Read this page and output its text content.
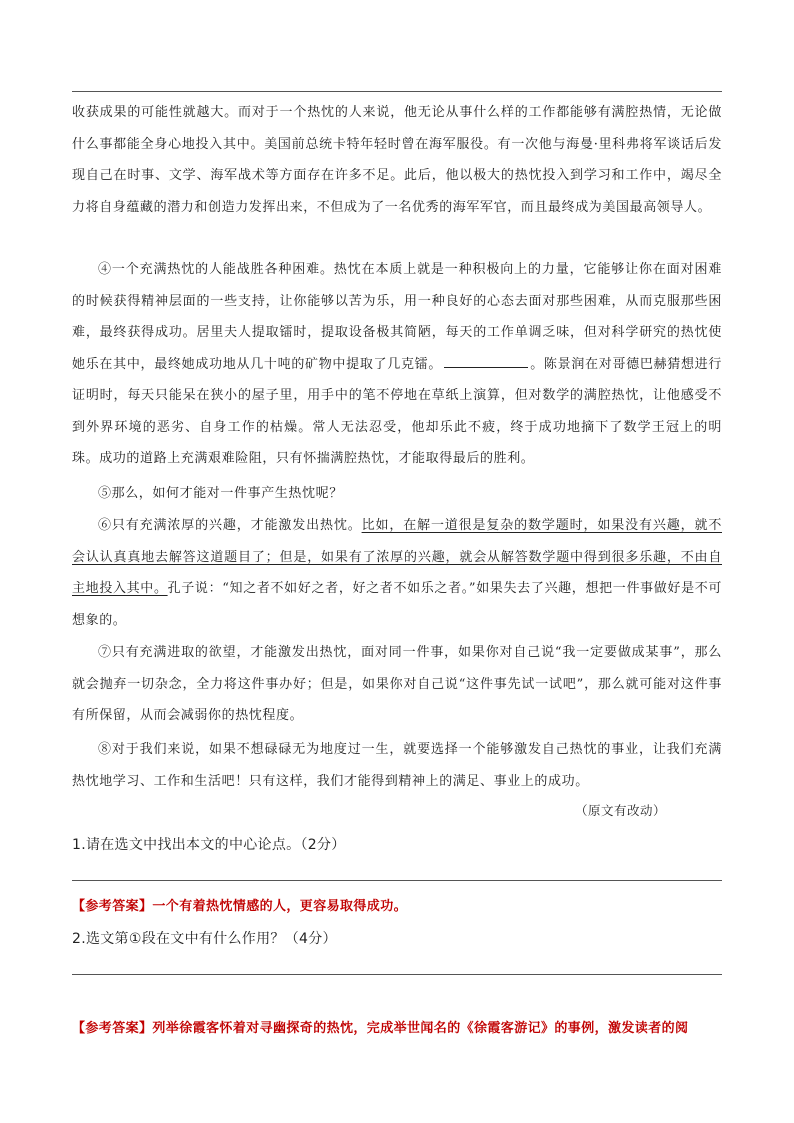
收获成果的可能性就越大。而对于一个热忱的人来说，他无论从事什么样的工作都能够有满腔热情，无论做什么事都能全身心地投入其中。美国前总统卡特年轻时曾在海军服役。有一次他与海曼·里科弗将军谈话后发现自己在时事、文学、海军战术等方面存在许多不足。此后，他以极大的热忱投入到学习和工作中，竭尽全力将自身蕴藏的潜力和创造力发挥出来，不但成为了一名优秀的海军军官，而且最终成为美国最高领导人。

④一个充满热忱的人能战胜各种困难。热忱在本质上就是一种积极向上的力量，它能够让你在面对困难的时候获得精神层面的一些支持，让你能够以苦为乐，用一种良好的心态去面对那些困难，从而克服那些困难，最终获得成功。居里夫人提取镭时，提取设备极其简陋，每天的工作单调乏味，但对科学研究的热忱使她乐在其中，最终她成功地从几十吨的矿物中提取了几克镭。	。陈景润在对哥德巴赫猜想进行证明时，每天只能呆在狭小的屋子里，用手中的笔不停地在草纸上演算，但对数学的满腔热忱，让他感受不到外界环境的恶劣、自身工作的枯燥。常人无法忍受，他却乐此不疲，终于成功地摘下了数学王冠上的明珠。成功的道路上充满艰难险阻，只有怀揣满腔热忱，才能取得最后的胜利。

⑤那么，如何才能对一件事产生热忱呢？

⑥只有充满浓厚的兴趣，才能激发出热忱。比如，在解一道很是复杂的数学题时，如果没有兴趣，就不会认认真真地去解答这道题目了；但是，如果有了浓厚的兴趣，就会从解答数学题中得到很多乐趣，不由自主地投入其中。孔子说：“知之者不如好之者，好之者不如乐之者。”如果失去了兴趣，想把一件事做好是不可想象的。

⑦只有充满进取的欲望，才能激发出热忱，面对同一件事，如果你对自己说“我一定要做成某事”，那么就会抛弃一切杂念，全力将这件事办好；但是，如果你对自己说“这件事先试一试吧”，那么就可能对这件事有所保留，从而会减弱你的热忱程度。

⑧对于我们来说，如果不想碌碌无为地度过一生，就要选择一个能够激发自己热忱的事业，让我们充满热忱地学习、工作和生活吧！只有这样，我们才能得到精神上的满足、事业上的成功。

（原文有改动）
1.请在选文中找出本文的中心论点。（2分）
【参考答案】一个有着热忱情感的人，更容易取得成功。
2.选文第①段在文中有什么作用？（4分）
【参考答案】列举徐霞客怀着对寻幽探奇的热忱，完成举世闻名的《徐霞客游记》的事例，激发读者的阅
